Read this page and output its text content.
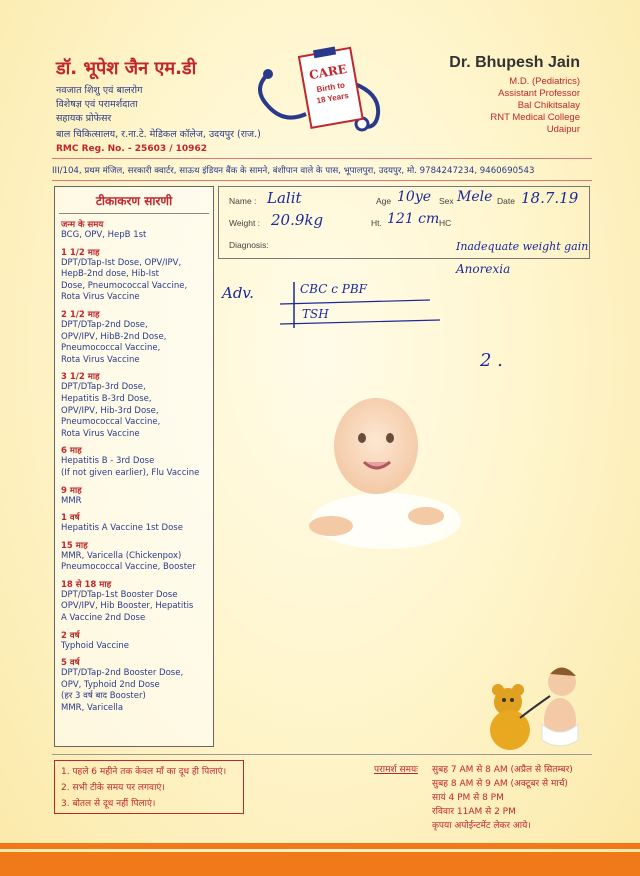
डॉ. भूपेश जैन एम.डी
नवजात शिशु एवं बालरोग
विशेषज्ञ एवं परामर्शदाता
सहायक प्रोफेसर
बाल चिकित्सालय, र.ना.टे. मेडिकल कॉलेज, उदयपुर (राज.)
RMC Reg. No. - 25603 / 10962
CARE
Birth to
18 Years
Dr. Bhupesh Jain
M.D. (Pediatrics)
Assistant Professor
Bal Chikitsalay
RNT Medical College
Udaipur
III/104, प्रथम मंजिल, सरकारी क्वार्टर, साऊथ इंडियन बैंक के सामने, बंशीपान वाले के पास, भूपालपुरा, उदयपुर, मो. 9784247234, 9460690543
टीकाकरण सारणी
जन्म के समय
BCG, OPV, HepB 1st
1 1/2 माह
DPT/DTap-Ist Dose, OPV/IPV,
HepB-2nd dose, Hib-Ist
Dose, Pneumococcal Vaccine,
Rota Virus Vaccine
2 1/2 माह
DPT/DTap-2nd Dose,
OPV/IPV, HibB-2nd Dose,
Pneumococcal Vaccine,
Rota Virus Vaccine
3 1/2 माह
DPT/DTap-3rd Dose,
Hepatitis B-3rd Dose,
OPV/IPV, Hib-3rd Dose,
Pneumococcal Vaccine,
Rota Virus Vaccine
6 माह
Hepatitis B - 3rd Dose
(If not given earlier), Flu Vaccine
9 माह
MMR
1 वर्ष
Hepatitis A Vaccine 1st Dose
15 माह
MMR, Varicella (Chickenpox)
Pneumococcal Vaccine, Booster
18 से 18 माह
DPT/DTap-1st Booster Dose
OPV/IPV, Hib Booster, Hepatitis
A Vaccine 2nd Dose
2 वर्ष
Typhoid Vaccine
5 वर्ष
DPT/DTap-2nd Booster Dose,
OPV, Typhoid 2nd Dose
(हर 3 वर्ष बाद Booster)
MMR, Varicella
Name : Lalit	Age 10ye Sex Mele Date 18.7.19
Weight : 20.9kg	Ht. 121 cm HC
Diagnosis:	Inadequate weight gain
Anorexia
Adv.	CBC c PBF
TSH
2 .
1. पहले 6 महीने तक केवल माँ का दूध ही पिलाएं।
2. सभी टीके समय पर लगवाएं।
3. बोतल से दूध नहीं पिलाएं।
परामर्श समयः सुबह 7 AM से 8 AM (अप्रैल से सितम्बर)
सुबह 8 AM से 9 AM (अक्टूबर से मार्च)
सायं 4 PM से 8 PM
रविवार 11AM से 2 PM
कृपया अपोईन्टमेंट लेकर आये।
